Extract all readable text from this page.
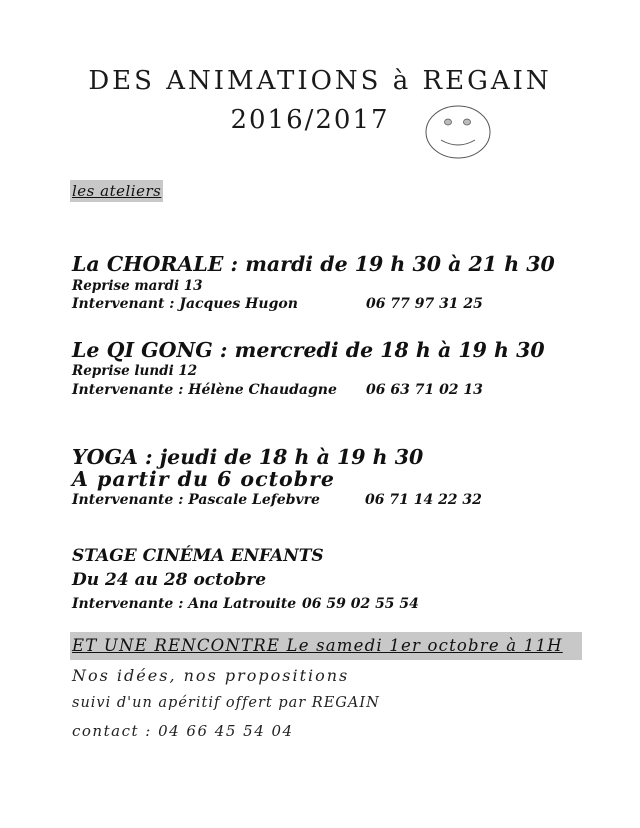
DES ANIMATIONS à REGAIN
2016/2017
les ateliers
La CHORALE : mardi de 19 h 30 à 21 h 30
Reprise mardi 13
Intervenant : Jacques Hugon	06 77 97 31 25
Le QI GONG : mercredi de 18 h à 19 h 30
Reprise lundi 12
Intervenante : Hélène Chaudagne 06 63 71 02 13
YOGA : jeudi de 18 h à 19 h 30
A partir du 6 octobre
Intervenante : Pascale Lefebvre	06 71 14 22 32
STAGE CINÉMA ENFANTS
Du 24 au 28 octobre
Intervenante : Ana Latrouite 06 59 02 55 54
ET UNE RENCONTRE Le samedi 1er octobre à 11H
Nos idées, nos propositions
suivi d'un apéritif offert par REGAIN
contact : 04 66 45 54 04
